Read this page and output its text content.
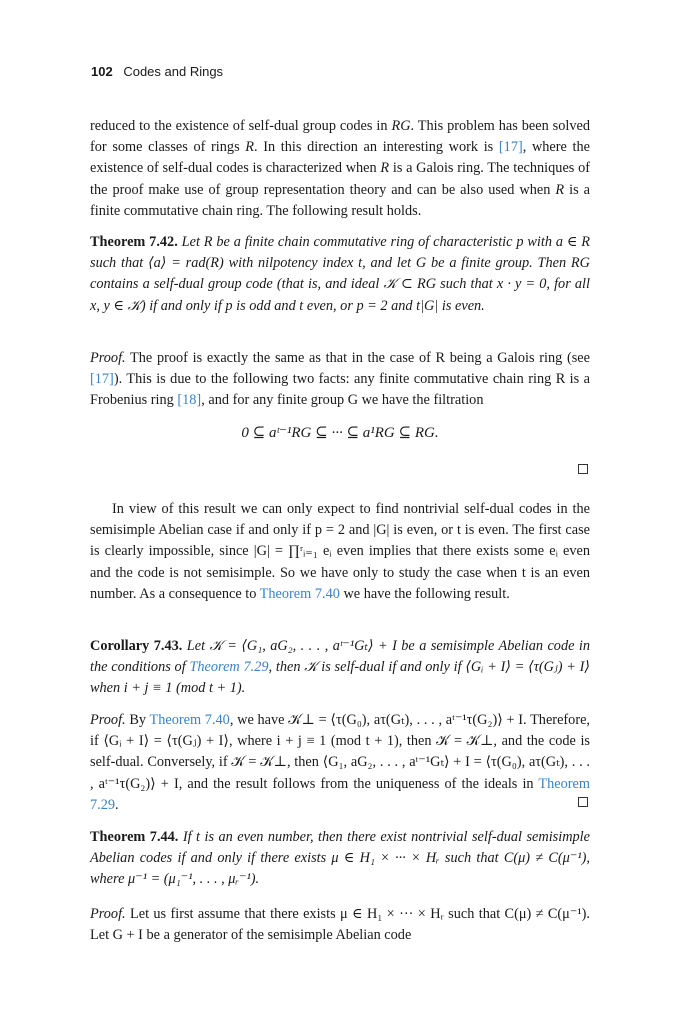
102 Codes and Rings
reduced to the existence of self-dual group codes in RG. This problem has been solved for some classes of rings R. In this direction an interesting work is [17], where the existence of self-dual codes is characterized when R is a Galois ring. The techniques of the proof make use of group representation theory and can be also used when R is a finite commutative chain ring. The following result holds.
Theorem 7.42. Let R be a finite chain commutative ring of characteristic p with a ∈ R such that ⟨a⟩ = rad(R) with nilpotency index t, and let G be a finite group. Then RG contains a self-dual group code (that is, and ideal 𝒦 ⊂ RG such that x · y = 0, for all x, y ∈ 𝒦) if and only if p is odd and t even, or p = 2 and t|G| is even.
Proof. The proof is exactly the same as that in the case of R being a Galois ring (see [17]). This is due to the following two facts: any finite commutative chain ring R is a Frobenius ring [18], and for any finite group G we have the filtration
0 ⊆ aᵗ⁻¹RG ⊆ ··· ⊆ a¹RG ⊆ RG.
In view of this result we can only expect to find nontrivial self-dual codes in the semisimple Abelian case if and only if p = 2 and |G| is even, or t is even. The first case is clearly impossible, since |G| = ∏ʳᵢ₌₁ eᵢ even implies that there exists some eᵢ even and the code is not semisimple. So we have only to study the case when t is an even number. As a consequence to Theorem 7.40 we have the following result.
Corollary 7.43. Let 𝒦 = ⟨G₁, aG₂, . . . , aᵗ⁻¹Gₜ⟩ + I be a semisimple Abelian code in the conditions of Theorem 7.29, then 𝒦 is self-dual if and only if ⟨Gᵢ + I⟩ = ⟨τ(Gⱼ) + I⟩ when i + j ≡ 1 (mod t + 1).
Proof. By Theorem 7.40, we have 𝒦⊥ = ⟨τ(G₀), aτ(Gₜ), . . . , aᵗ⁻¹τ(G₂)⟩ + I. Therefore, if ⟨Gᵢ + I⟩ = ⟨τ(Gⱼ) + I⟩, where i + j ≡ 1 (mod t + 1), then 𝒦 = 𝒦⊥, and the code is self-dual. Conversely, if 𝒦 = 𝒦⊥, then ⟨G₁, aG₂, . . . , aᵗ⁻¹Gₜ⟩ + I = ⟨τ(G₀), aτ(Gₜ), . . . , aᵗ⁻¹τ(G₂)⟩ + I, and the result follows from the uniqueness of the ideals in Theorem 7.29.
Theorem 7.44. If t is an even number, then there exist nontrivial self-dual semisimple Abelian codes if and only if there exists μ ∈ H₁ × ··· × Hᵣ such that C(μ) ≠ C(μ⁻¹), where μ⁻¹ = (μ₁⁻¹, . . . , μᵣ⁻¹).
Proof. Let us first assume that there exists μ ∈ H₁ × ··· × Hᵣ such that C(μ) ≠ C(μ⁻¹). Let G + I be a generator of the semisimple Abelian code
